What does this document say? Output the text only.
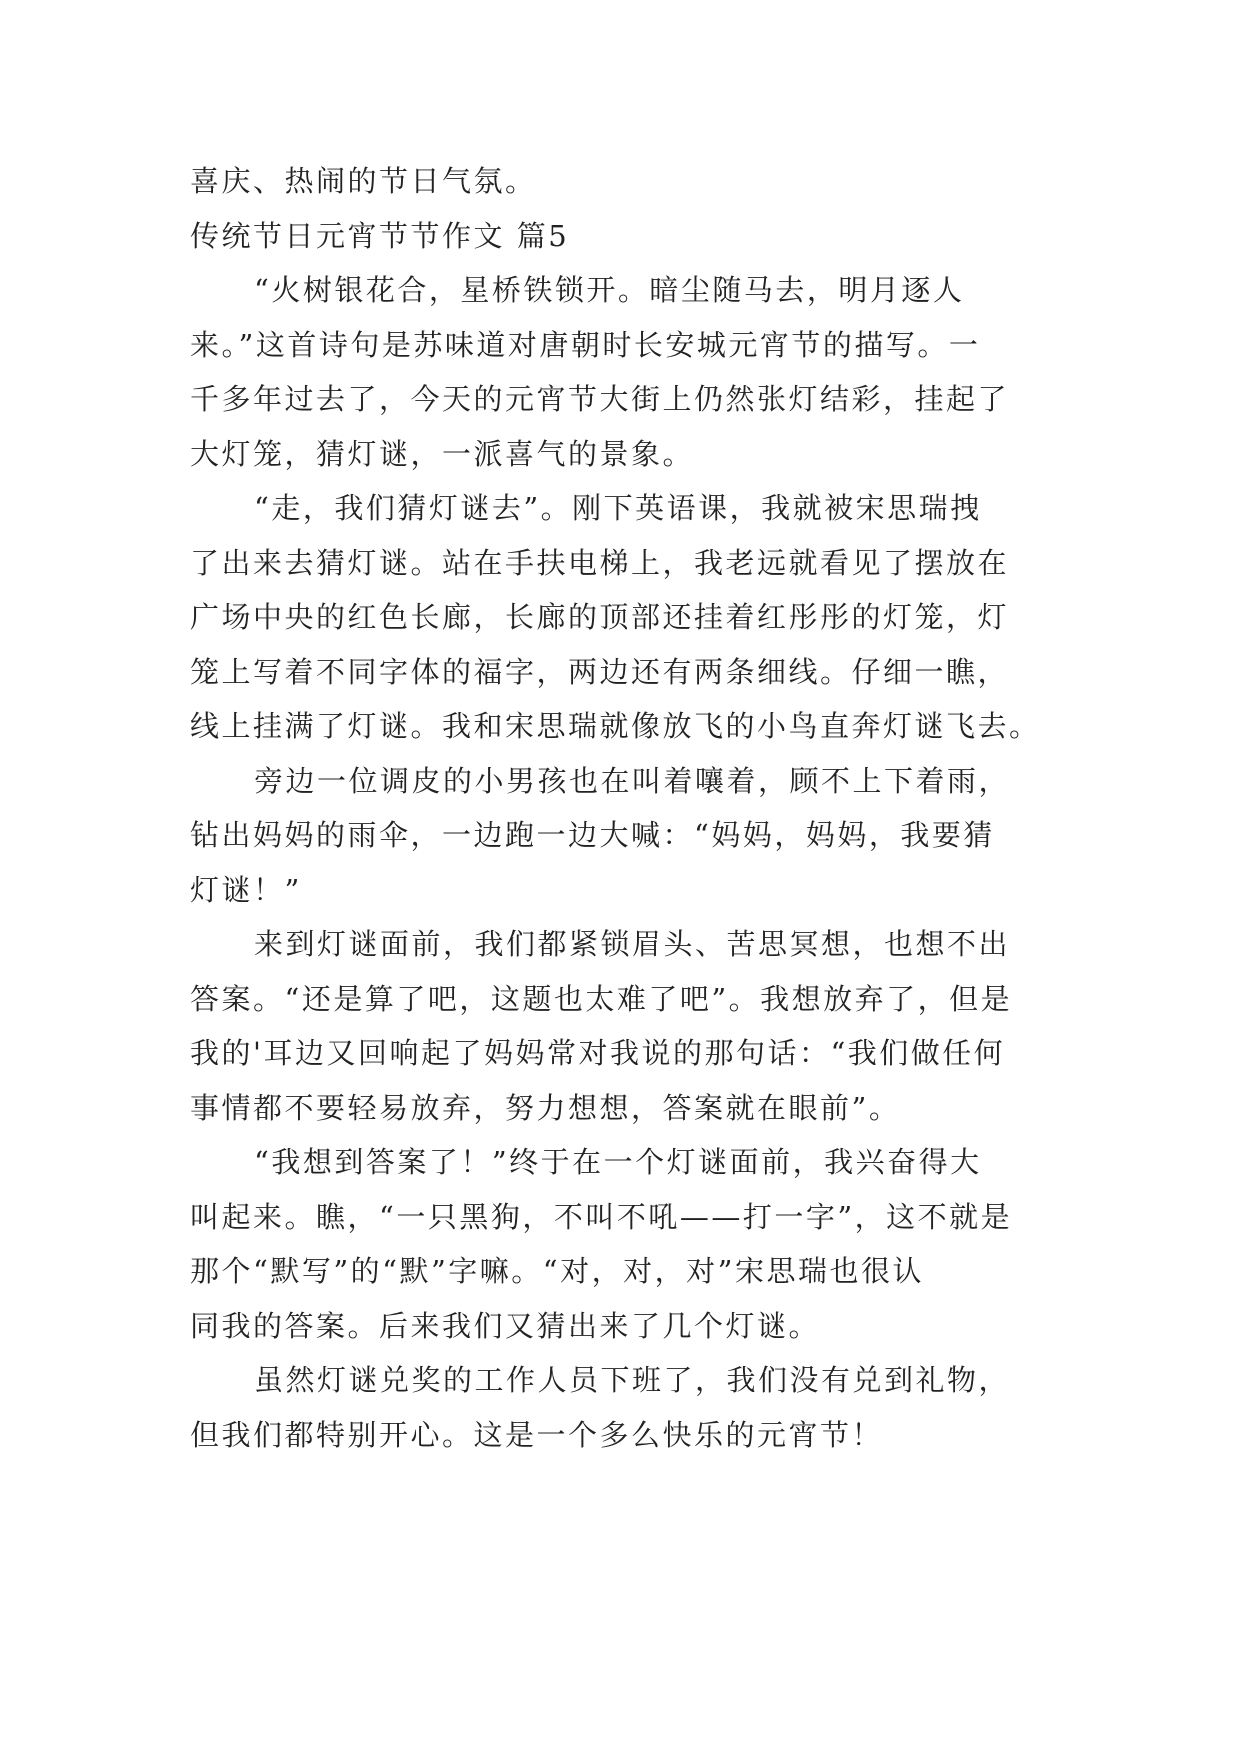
喜庆、热闹的节日气氛。

传统节日元宵节节作文 篇5

“火树银花合，星桥铁锁开。暗尘随马去，明月逐人

来。”这首诗句是苏味道对唐朝时长安城元宵节的描写。一

千多年过去了，今天的元宵节大街上仍然张灯结彩，挂起了

大灯笼，猜灯谜，一派喜气的景象。

“走，我们猜灯谜去”。刚下英语课，我就被宋思瑞拽

了出来去猜灯谜。站在手扶电梯上，我老远就看见了摆放在

广场中央的红色长廊，长廊的顶部还挂着红彤彤的灯笼，灯

笼上写着不同字体的福字，两边还有两条细线。仔细一瞧，

线上挂满了灯谜。我和宋思瑞就像放飞的小鸟直奔灯谜飞去。

旁边一位调皮的小男孩也在叫着嚷着，顾不上下着雨，

钻出妈妈的雨伞，一边跑一边大喊：“妈妈，妈妈，我要猜

灯谜！”

来到灯谜面前，我们都紧锁眉头、苦思冥想，也想不出

答案。“还是算了吧，这题也太难了吧”。我想放弃了，但是

我的'耳边又回响起了妈妈常对我说的那句话：“我们做任何

事情都不要轻易放弃，努力想想，答案就在眼前”。

“我想到答案了！”终于在一个灯谜面前，我兴奋得大

叫起来。瞧，“一只黑狗，不叫不吼——打一字”，这不就是

那个“默写”的“默”字嘛。“对，对，对”宋思瑞也很认

同我的答案。后来我们又猜出来了几个灯谜。

虽然灯谜兑奖的工作人员下班了，我们没有兑到礼物，

但我们都特别开心。这是一个多么快乐的元宵节！
